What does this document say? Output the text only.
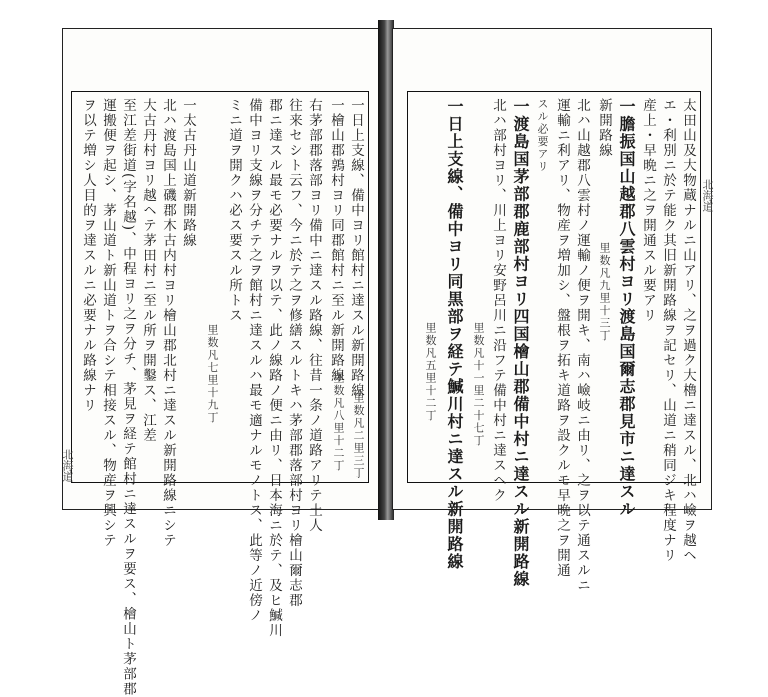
一日上支線、備中ヨリ館村ニ達スル新開路線
里数凡二里三丁
一檜山郡鶉村ヨリ同郡館村ニ至ル新開路線
里数凡八里十二丁
右茅部郡落部ヨリ備中ニ達スル路線、往昔一条ノ道路アリテ土人
往来セシト云フ、今ニ於テ之ヲ修繕スルトキハ茅部郡落部村ヨリ檜山爾志郡
郡ニ達スル最モ必要ナルヲ以テ、此ノ線路ノ便ニ由リ、日本海ニ於テ、及ヒ鰔川
備中ヨリ支線ヲ分チテ之ヲ館村ニ達スルハ最モ適ナルモノトス、此等ノ近傍ノ
ミニ道ヲ開クハ必ス要スル所トス
里数凡七里十九丁
一太古丹山道新開路線
北ハ渡島国上磯郡木古内村ヨリ檜山郡北村ニ達スル新開路線ニシテ
大古丹村ヨリ越ヘテ茅田村ニ至ル所ヲ開鑿ス、江差
至江差街道(字名越)、中程ヨリ之ヲ分チ、茅見ヲ経テ館村ニ達スルヲ要ス、檜山ト茅部郡
運搬便ヲ起シ、茅山道ト新山道トヲ合シテ相接スル、物産ヲ興シテ
ヲ以テ増シ人目的ヲ達スルニ必要ナル路線ナリ
北海道	太田山及大物蔵ナルニ山アリ、之ヲ過ク大櫓ニ達スル、北ハ嶮ヲ越ヘ
エ・利別ニ於テ能ク其旧新開路線ヲ記セリ、山道ニ稍同ジキ程度ナリ
産上・早晩ニ之ヲ開通スル要アリ
一膽振国山越郡八雲村ヨリ渡島国爾志郡見市ニ達スル
新開路線
里数凡九里十三丁
北ハ山越郡八雲村ノ運輸ノ便ヲ開キ、南ハ嶮岐ニ由リ、之ヲ以テ通スルニ
運輸ニ利アリ、物産ヲ増加シ、盤根ヲ拓キ道路ヲ設クルモ早晩之ヲ開通
スル必要アリ
一渡島国茅部郡鹿部村ヨリ四国檜山郡備中村ニ達スル新開路線
北ハ部村ヨリ、川上ヨリ安野呂川ニ沿フテ備中村ニ達スヘク
里数凡十一里二十七丁
一日上支線、備中ヨリ同黒部ヲ経テ鰔川村ニ達スル新開路線
里数凡五里十二丁
北海道
